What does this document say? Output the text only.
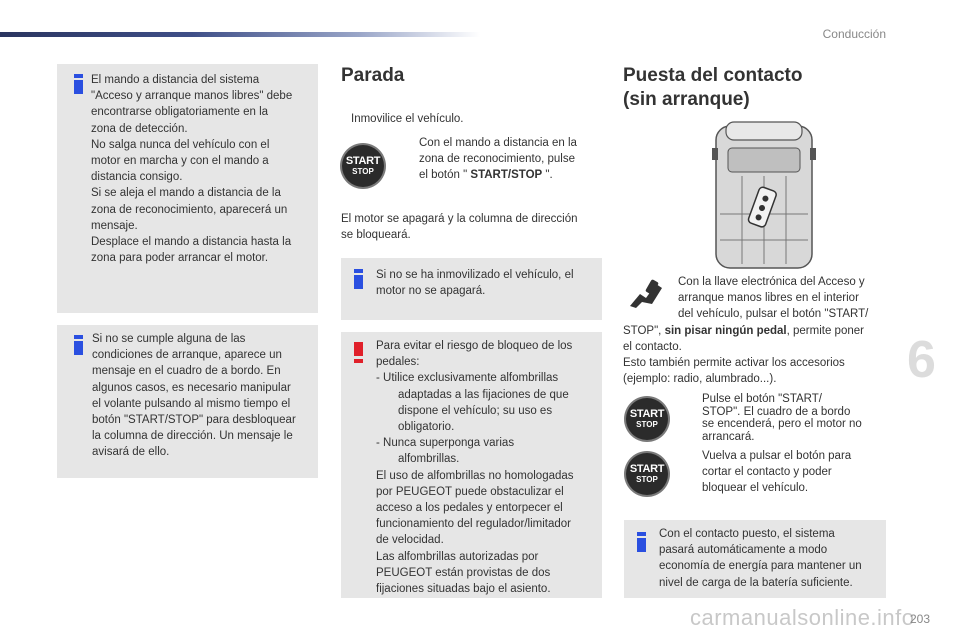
Conducción
El mando a distancia del sistema
"Acceso y arranque manos libres" debe
encontrarse obligatoriamente en la
zona de detección.
No salga nunca del vehículo con el
motor en marcha y con el mando a
distancia consigo.
Si se aleja el mando a distancia de la
zona de reconocimiento, aparecerá un
mensaje.
Desplace el mando a distancia hasta la
zona para poder arrancar el motor.
Si no se cumple alguna de las
condiciones de arranque, aparece un
mensaje en el cuadro de a bordo. En
algunos casos, es necesario manipular
el volante pulsando al mismo tiempo el
botón "START/STOP" para desbloquear
la columna de dirección. Un mensaje le
avisará de ello.
Parada
Inmovilice el vehículo.
START
STOP
Con el mando a distancia en la
zona de reconocimiento, pulse
el botón " START/STOP ".
El motor se apagará y la columna de dirección
se bloqueará.
Si no se ha inmovilizado el vehículo, el
motor no se apagará.
Para evitar el riesgo de bloqueo de los
pedales:
- Utilice exclusivamente alfombrillas
adaptadas a las fijaciones de que
dispone el vehículo; su uso es
obligatorio.
- Nunca superponga varias
alfombrillas.
El uso de alfombrillas no homologadas
por PEUGEOT puede obstaculizar el
acceso a los pedales y entorpecer el
funcionamiento del regulador/limitador
de velocidad.
Las alfombrillas autorizadas por
PEUGEOT están provistas de dos
fijaciones situadas bajo el asiento.
Puesta del contacto
(sin arranque)
Con la llave electrónica del Acceso y
arranque manos libres en el interior
del vehículo, pulsar el botón "START/
STOP", sin pisar ningún pedal, permite poner
el contacto.
Esto también permite activar los accesorios
(ejemplo: radio, alumbrado...).
START
STOP
Pulse el botón "START/
STOP". El cuadro de a bordo
se encenderá, pero el motor no
arrancará.
START
STOP
Vuelva a pulsar el botón para
cortar el contacto y poder
bloquear el vehículo.
Con el contacto puesto, el sistema
pasará automáticamente a modo
economía de energía para mantener un
nivel de carga de la batería suficiente.
6
carmanualsonline.info
203
